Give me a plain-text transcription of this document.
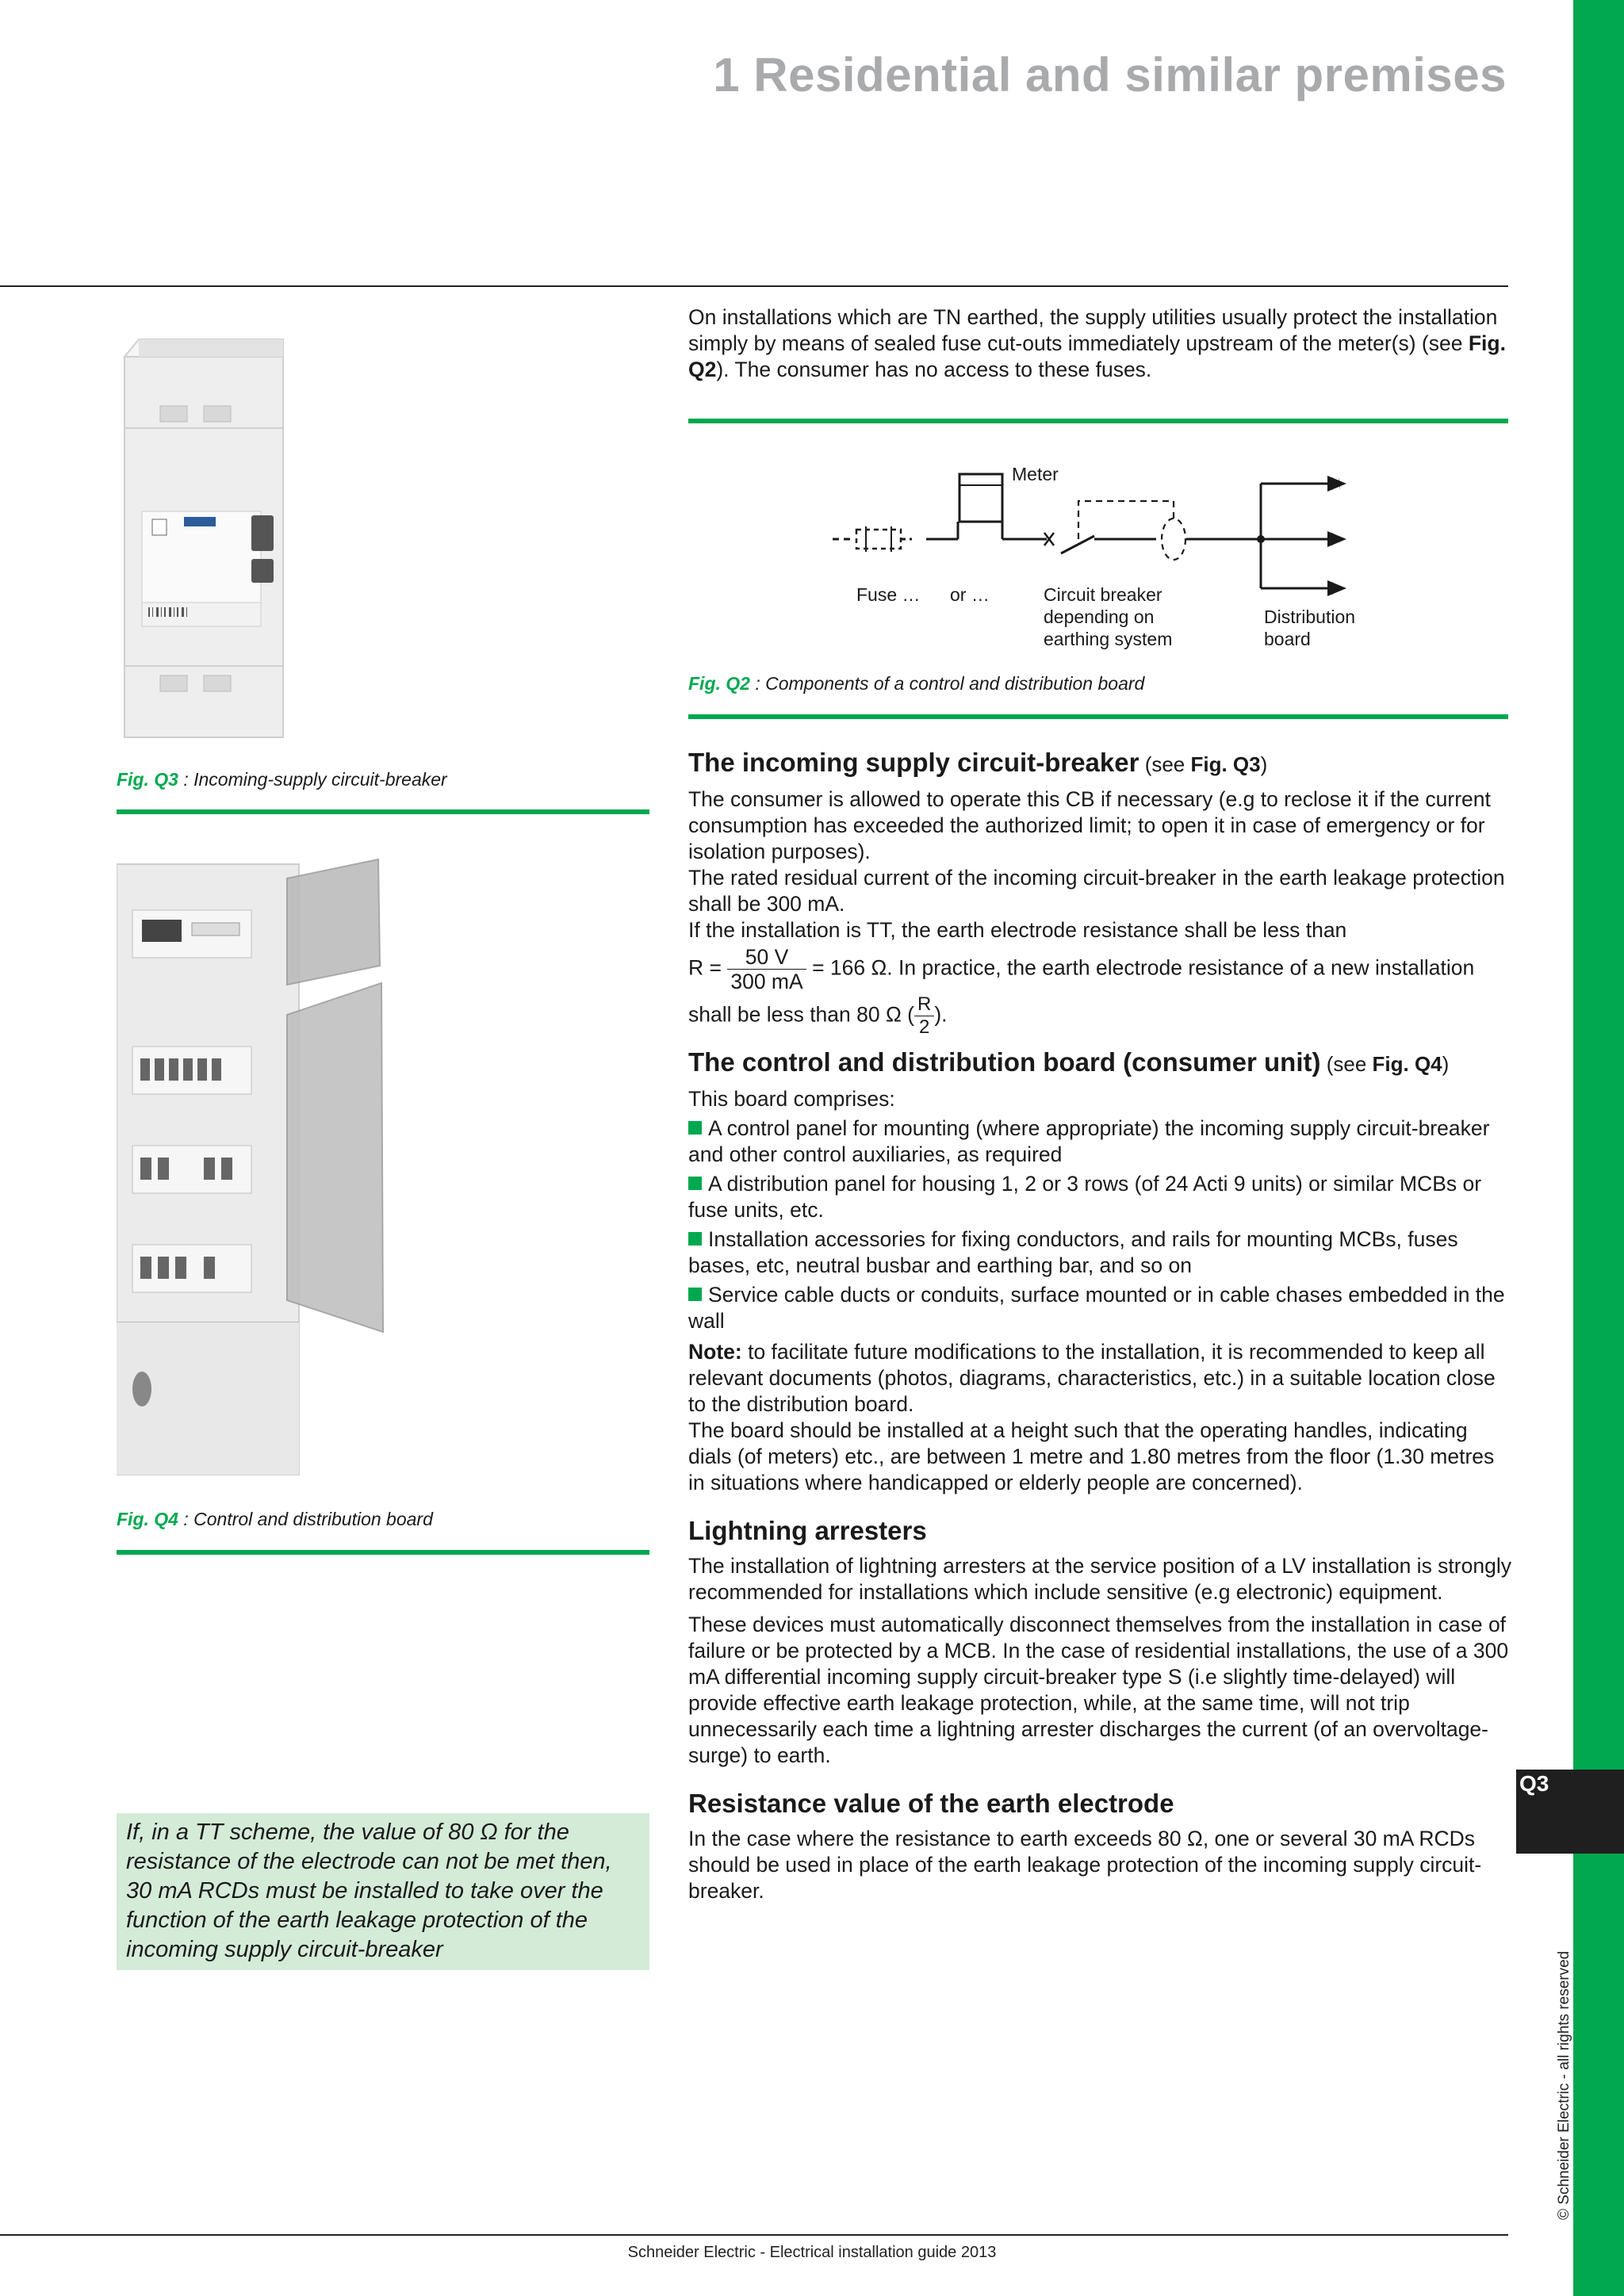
1 Residential and similar premises
On installations which are TN earthed, the supply utilities usually protect the installation simply by means of sealed fuse cut-outs immediately upstream of the meter(s) (see Fig. Q2). The consumer has no access to these fuses.
Meter
Fuse … or …	Circuit breaker
depending on
earthing system
Distribution
board
Fig. Q2 : Components of a control and distribution board
Fig. Q3 : Incoming-supply circuit-breaker
Fig. Q4 : Control and distribution board
The incoming supply circuit-breaker (see Fig. Q3)

The consumer is allowed to operate this CB if necessary (e.g to reclose it if the current consumption has exceeded the authorized limit; to open it in case of emergency or for isolation purposes).

The rated residual current of the incoming circuit-breaker in the earth leakage protection shall be 300 mA.

If the installation is TT, the earth electrode resistance shall be less than

$R = \frac{50 V}{300 mA} = 166$ Ω. In practice, the earth electrode resistance of a new installation
shall be less than 80 Ω ( $\frac{R}{2}$ ).
The control and distribution board (consumer unit) (see Fig. Q4)

This board comprises:

A control panel for mounting (where appropriate) the incoming supply circuit-breaker and other control auxiliaries, as required

A distribution panel for housing 1, 2 or 3 rows (of 24 Acti 9 units) or similar MCBs or fuse units, etc.

Installation accessories for fixing conductors, and rails for mounting MCBs, fuses bases, etc, neutral busbar and earthing bar, and so on

Service cable ducts or conduits, surface mounted or in cable chases embedded in the wall

Note: to facilitate future modifications to the installation, it is recommended to keep all relevant documents (photos, diagrams, characteristics, etc.) in a suitable location close to the distribution board.

The board should be installed at a height such that the operating handles, indicating dials (of meters) etc., are between 1 metre and 1.80 metres from the floor (1.30 metres in situations where handicapped or elderly people are concerned).

Lightning arresters

The installation of lightning arresters at the service position of a LV installation is strongly recommended for installations which include sensitive (e.g electronic) equipment.

These devices must automatically disconnect themselves from the installation in case of failure or be protected by a MCB. In the case of residential installations, the use of a 300 mA differential incoming supply circuit-breaker type S (i.e slightly time-delayed) will provide effective earth leakage protection, while, at the same time, will not trip unnecessarily each time a lightning arrester discharges the current (of an overvoltage-surge) to earth.

Resistance value of the earth electrode

In the case where the resistance to earth exceeds 80 Ω, one or several 30 mA RCDs should be used in place of the earth leakage protection of the incoming supply circuit-breaker.

If, in a TT scheme, the value of 80 Ω for the resistance of the electrode can not be met then, 30 mA RCDs must be installed to take over the function of the earth leakage protection of the incoming supply circuit-breaker
Q3
© Schneider Electric - all rights reserved
Schneider Electric - Electrical installation guide 2013
